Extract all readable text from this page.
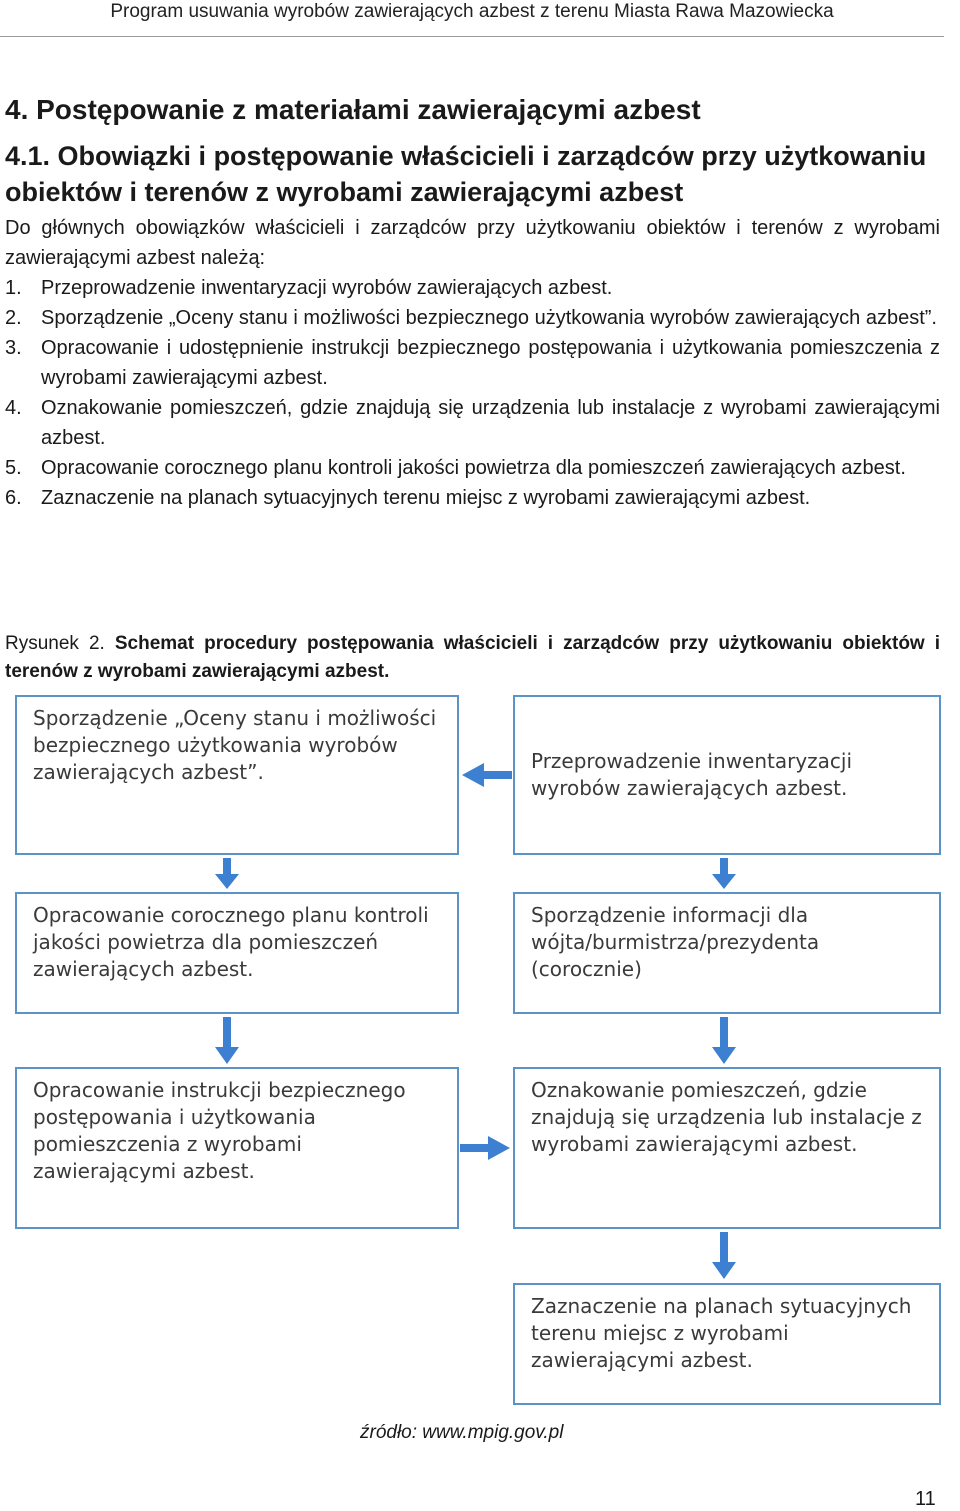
Program usuwania wyrobów zawierających azbest z terenu Miasta Rawa Mazowiecka
4. Postępowanie z materiałami zawierającymi azbest
4.1. Obowiązki i postępowanie właścicieli i zarządców przy użytkowaniu obiektów i terenów z wyrobami zawierającymi azbest

Do głównych obowiązków właścicieli i zarządców przy użytkowaniu obiektów i terenów z wyrobami zawierającymi azbest należą:

1. Przeprowadzenie inwentaryzacji wyrobów zawierających azbest.
2. Sporządzenie „Oceny stanu i możliwości bezpiecznego użytkowania wyrobów zawierających azbest”.
3. Opracowanie i udostępnienie instrukcji bezpiecznego postępowania i użytkowania pomieszczenia z wyrobami zawierającymi azbest.
4. Oznakowanie pomieszczeń, gdzie znajdują się urządzenia lub instalacje z wyrobami zawierającymi azbest.
5. Opracowanie corocznego planu kontroli jakości powietrza dla pomieszczeń zawierających azbest.
6. Zaznaczenie na planach sytuacyjnych terenu miejsc z wyrobami zawierającymi azbest.

Rysunek 2. Schemat procedury postępowania właścicieli i zarządców przy użytkowaniu obiektów i terenów z wyrobami zawierającymi azbest.

Sporządzenie „Oceny stanu i możliwości bezpiecznego użytkowania wyrobów zawierających azbest”.	Przeprowadzenie inwentaryzacji wyrobów zawierających azbest.
Opracowanie corocznego planu kontroli jakości powietrza dla pomieszczeń zawierających azbest.
Sporządzenie informacji dla wójta/burmistrza/prezydenta (corocznie)
Opracowanie instrukcji bezpiecznego postępowania i użytkowania pomieszczenia z wyrobami zawierającymi azbest.
Oznakowanie pomieszczeń, gdzie znajdują się urządzenia lub instalacje z wyrobami zawierającymi azbest.
Zaznaczenie na planach sytuacyjnych terenu miejsc z wyrobami zawierającymi azbest.
źródło: www.mpig.gov.pl
11
